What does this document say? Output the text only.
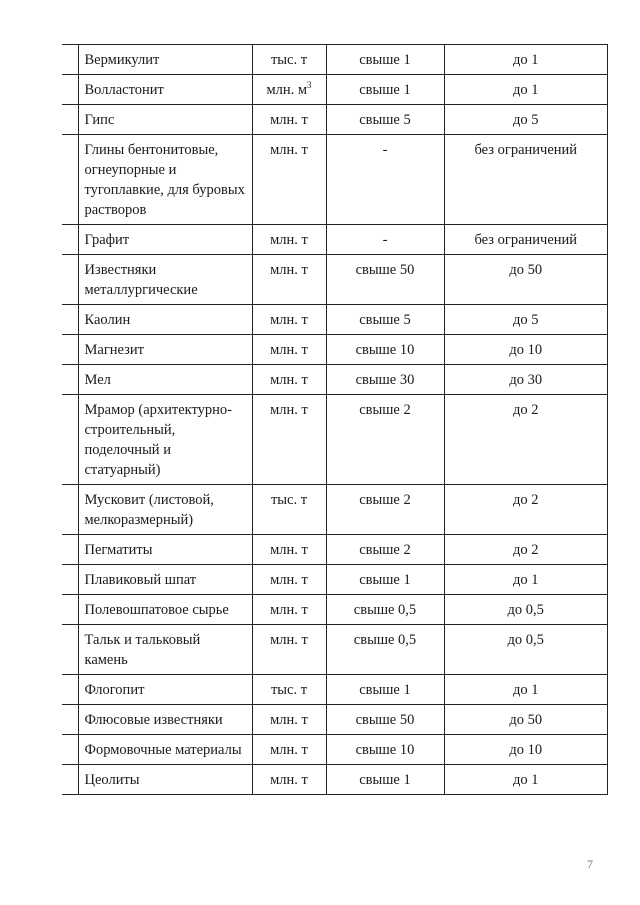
	Вермикулит	тыс. т	свыше 1	до 1
	Волластонит	млн. $м^3$	свыше 1	до 1
	Гипс	млн. т	свыше 5	до 5
	Глины бентонитовые, огнеупорные и тугоплавкие, для буровых растворов	млн. т	-	без ограничений
	Графит	млн. т	-	без ограничений
	Известняки металлургические	млн. т	свыше 50	до 50
	Каолин	млн. т	свыше 5	до 5
	Магнезит	млн. т	свыше 10	до 10
	Мел	млн. т	свыше 30	до 30
	Мрамор (архитектурно-строительный, поделочный и статуарный)	млн. т	свыше 2	до 2
	Мусковит (листовой, мелкоразмерный)	тыс. т	свыше 2	до 2
	Пегматиты	млн. т	свыше 2	до 2
	Плавиковый шпат	млн. т	свыше 1	до 1
	Полевошпатовое сырье	млн. т	свыше 0,5	до 0,5
	Тальк и тальковый камень	млн. т	свыше 0,5	до 0,5
	Флогопит	тыс. т	свыше 1	до 1
	Флюсовые известняки	млн. т	свыше 50	до 50
	Формовочные материалы	млн. т	свыше 10	до 10
	Цеолиты	млн. т	свыше 1	до 1
7
